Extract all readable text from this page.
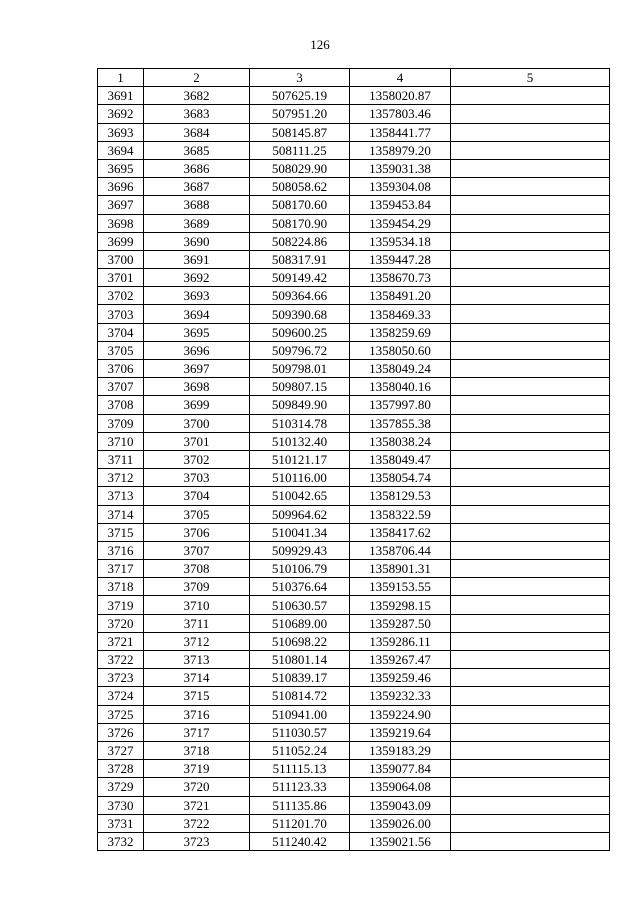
126
1	2	3	4	5
3691	3682	507625.19	1358020.87	
3692	3683	507951.20	1357803.46	
3693	3684	508145.87	1358441.77	
3694	3685	508111.25	1358979.20	
3695	3686	508029.90	1359031.38	
3696	3687	508058.62	1359304.08	
3697	3688	508170.60	1359453.84	
3698	3689	508170.90	1359454.29	
3699	3690	508224.86	1359534.18	
3700	3691	508317.91	1359447.28	
3701	3692	509149.42	1358670.73	
3702	3693	509364.66	1358491.20	
3703	3694	509390.68	1358469.33	
3704	3695	509600.25	1358259.69	
3705	3696	509796.72	1358050.60	
3706	3697	509798.01	1358049.24	
3707	3698	509807.15	1358040.16	
3708	3699	509849.90	1357997.80	
3709	3700	510314.78	1357855.38	
3710	3701	510132.40	1358038.24	
3711	3702	510121.17	1358049.47	
3712	3703	510116.00	1358054.74	
3713	3704	510042.65	1358129.53	
3714	3705	509964.62	1358322.59	
3715	3706	510041.34	1358417.62	
3716	3707	509929.43	1358706.44	
3717	3708	510106.79	1358901.31	
3718	3709	510376.64	1359153.55	
3719	3710	510630.57	1359298.15	
3720	3711	510689.00	1359287.50	
3721	3712	510698.22	1359286.11	
3722	3713	510801.14	1359267.47	
3723	3714	510839.17	1359259.46	
3724	3715	510814.72	1359232.33	
3725	3716	510941.00	1359224.90	
3726	3717	511030.57	1359219.64	
3727	3718	511052.24	1359183.29	
3728	3719	511115.13	1359077.84	
3729	3720	511123.33	1359064.08	
3730	3721	511135.86	1359043.09	
3731	3722	511201.70	1359026.00	
3732	3723	511240.42	1359021.56	
